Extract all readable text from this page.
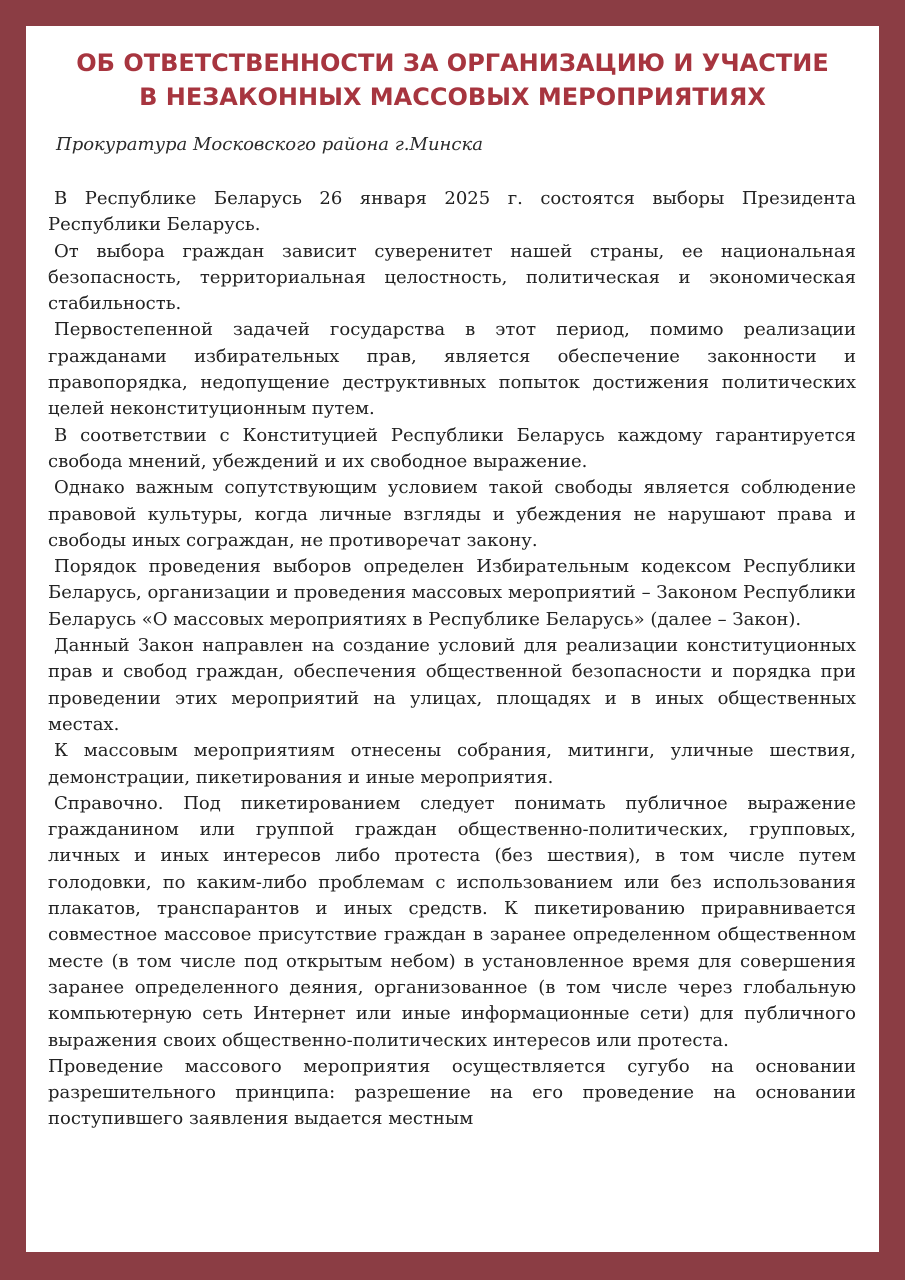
ОБ ОТВЕТСТВЕННОСТИ ЗА ОРГАНИЗАЦИЮ И УЧАСТИЕ
В НЕЗАКОННЫХ МАССОВЫХ МЕРОПРИЯТИЯХ
Прокуратура Московского района г.Минска

В Республике Беларусь 26 января 2025 г. состоятся выборы Президента Республики Беларусь.

От выбора граждан зависит суверенитет нашей страны, ее национальная безопасность, территориальная целостность, политическая и экономическая стабильность.

Первостепенной задачей государства в этот период, помимо реализации гражданами избирательных прав, является обеспечение законности и правопорядка, недопущение деструктивных попыток достижения политических целей неконституционным путем.

В соответствии с Конституцией Республики Беларусь каждому гарантируется свобода мнений, убеждений и их свободное выражение.

Однако важным сопутствующим условием такой свободы является соблюдение правовой культуры, когда личные взгляды и убеждения не нарушают права и свободы иных сограждан, не противоречат закону.

Порядок проведения выборов определен Избирательным кодексом Республики Беларусь, организации и проведения массовых мероприятий – Законом Республики Беларусь «О массовых мероприятиях в Республике Беларусь» (далее – Закон).

Данный Закон направлен на создание условий для реализации конституционных прав и свобод граждан, обеспечения общественной безопасности и порядка при проведении этих мероприятий на улицах, площадях и в иных общественных местах.

К массовым мероприятиям отнесены собрания, митинги, уличные шествия, демонстрации, пикетирования и иные мероприятия.

Справочно. Под пикетированием следует понимать публичное выражение гражданином или группой граждан общественно-политических, групповых, личных и иных интересов либо протеста (без шествия), в том числе путем голодовки, по каким-либо проблемам с использованием или без использования плакатов, транспарантов и иных средств. К пикетированию приравнивается совместное массовое присутствие граждан в заранее определенном общественном месте (в том числе под открытым небом) в установленное время для совершения заранее определенного деяния, организованное (в том числе через глобальную компьютерную сеть Интернет или иные информационные сети) для публичного выражения своих общественно-политических интересов или протеста.

Проведение массового мероприятия осуществляется сугубо на основании разрешительного принципа: разрешение на его проведение на основании поступившего заявления выдается местным
